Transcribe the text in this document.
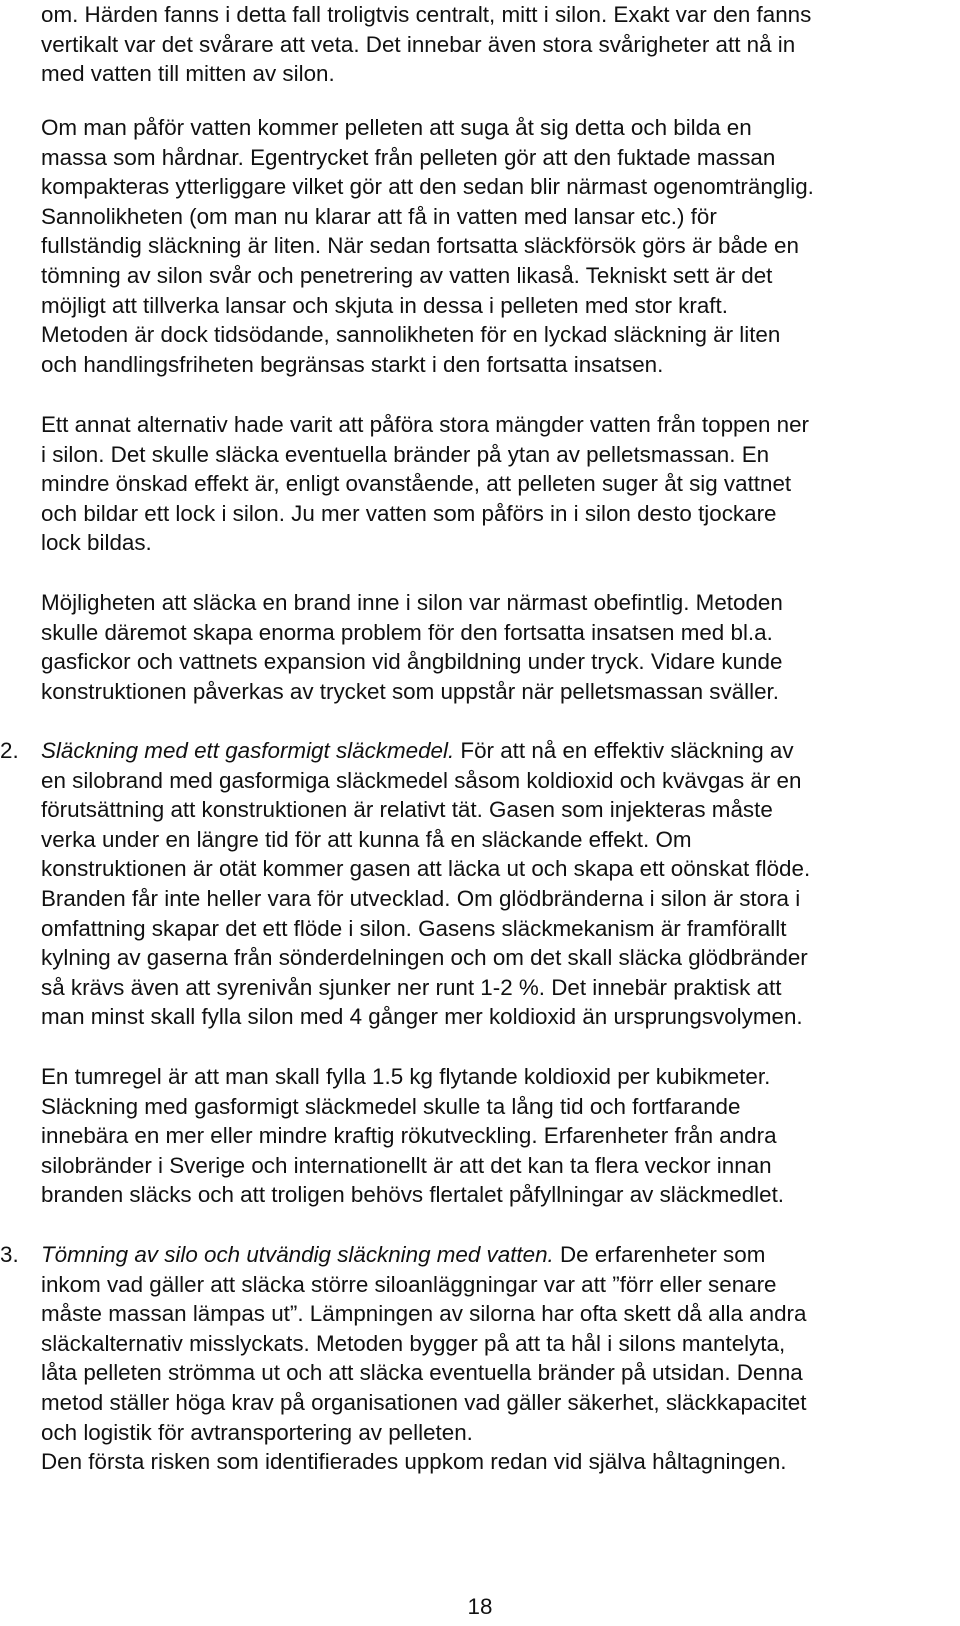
om. Härden fanns i detta fall troligtvis centralt, mitt i silon. Exakt var den fanns
vertikalt var det svårare att veta. Det innebar även stora svårigheter att nå in
med vatten till mitten av silon.
Om man påför vatten kommer pelleten att suga åt sig detta och bilda en
massa som hårdnar. Egentrycket från pelleten gör att den fuktade massan
kompakteras ytterliggare vilket gör att den sedan blir närmast ogenomtränglig.
Sannolikheten (om man nu klarar att få in vatten med lansar etc.) för
fullständig släckning är liten. När sedan fortsatta släckförsök görs är både en
tömning av silon svår och penetrering av vatten likaså. Tekniskt sett är det
möjligt att tillverka lansar och skjuta in dessa i pelleten med stor kraft.
Metoden är dock tidsödande, sannolikheten för en lyckad släckning är liten
och handlingsfriheten begränsas starkt i den fortsatta insatsen.
Ett annat alternativ hade varit att påföra stora mängder vatten från toppen ner
i silon. Det skulle släcka eventuella bränder på ytan av pelletsmassan. En
mindre önskad effekt är, enligt ovanstående, att pelleten suger åt sig vattnet
och bildar ett lock i silon. Ju mer vatten som påförs in i silon desto tjockare
lock bildas.
Möjligheten att släcka en brand inne i silon var närmast obefintlig. Metoden
skulle däremot skapa enorma problem för den fortsatta insatsen med bl.a.
gasfickor och vattnets expansion vid ångbildning under tryck. Vidare kunde
konstruktionen påverkas av trycket som uppstår när pelletsmassan sväller.
2. Släckning med ett gasformigt släckmedel. För att nå en effektiv släckning av
en silobrand med gasformiga släckmedel såsom koldioxid och kvävgas är en
förutsättning att konstruktionen är relativt tät. Gasen som injekteras måste
verka under en längre tid för att kunna få en släckande effekt. Om
konstruktionen är otät kommer gasen att läcka ut och skapa ett oönskat flöde.
Branden får inte heller vara för utvecklad. Om glödbränderna i silon är stora i
omfattning skapar det ett flöde i silon. Gasens släckmekanism är framförallt
kylning av gaserna från sönderdelningen och om det skall släcka glödbränder
så krävs även att syrenivån sjunker ner runt 1-2 %. Det innebär praktisk att
man minst skall fylla silon med 4 gånger mer koldioxid än ursprungsvolymen.
En tumregel är att man skall fylla 1.5 kg flytande koldioxid per kubikmeter.
Släckning med gasformigt släckmedel skulle ta lång tid och fortfarande
innebära en mer eller mindre kraftig rökutveckling. Erfarenheter från andra
silobränder i Sverige och internationellt är att det kan ta flera veckor innan
branden släcks och att troligen behövs flertalet påfyllningar av släckmedlet.
3. Tömning av silo och utvändig släckning med vatten. De erfarenheter som
inkom vad gäller att släcka större siloanläggningar var att ”förr eller senare
måste massan lämpas ut”. Lämpningen av silorna har ofta skett då alla andra
släckalternativ misslyckats. Metoden bygger på att ta hål i silons mantelyta,
låta pelleten strömma ut och att släcka eventuella bränder på utsidan. Denna
metod ställer höga krav på organisationen vad gäller säkerhet, släckkapacitet
och logistik för avtransportering av pelleten.
Den första risken som identifierades uppkom redan vid själva håltagningen.
18
